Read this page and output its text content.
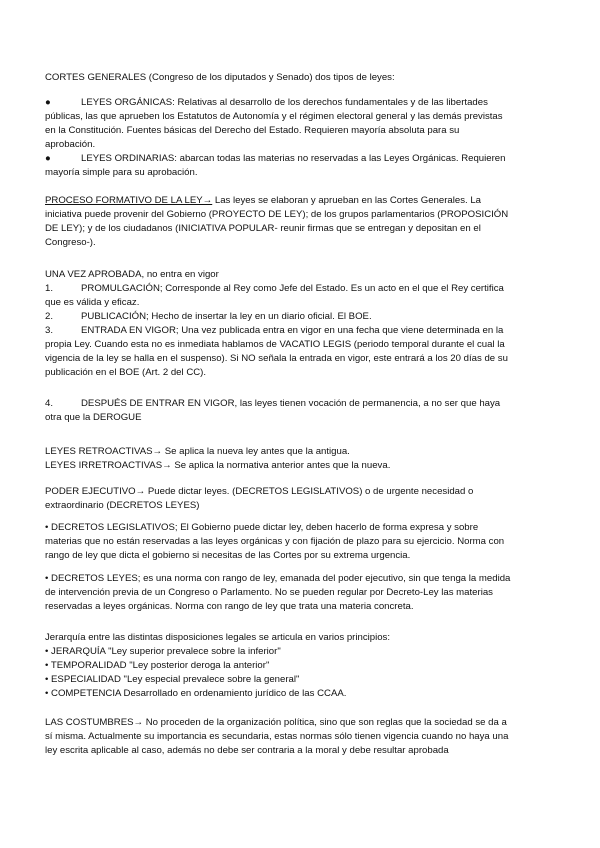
CORTES GENERALES (Congreso de los diputados y Senado) dos tipos de leyes:

●	LEYES ORGÁNICAS: Relativas al desarrollo de los derechos fundamentales y de las libertades
públicas, las que aprueben los Estatutos de Autonomía y el régimen electoral general y las demás previstas
en la Constitución. Fuentes básicas del Derecho del Estado. Requieren mayoría absoluta para su
aprobación.
●	LEYES ORDINARIAS: abarcan todas las materias no reservadas a las Leyes Orgánicas. Requieren
mayoría simple para su aprobación.
PROCESO FORMATIVO DE LA LEY→ Las leyes se elaboran y aprueban en las Cortes Generales. La
iniciativa puede provenir del Gobierno (PROYECTO DE LEY); de los grupos parlamentarios (PROPOSICIÓN
DE LEY); y de los ciudadanos (INICIATIVA POPULAR- reunir firmas que se entregan y depositan en el
Congreso-).
UNA VEZ APROBADA, no entra en vigor
1.	PROMULGACIÓN; Corresponde al Rey como Jefe del Estado. Es un acto en el que el Rey certifica
que es válida y eficaz.
2.	PUBLICACIÓN; Hecho de insertar la ley en un diario oficial. El BOE.
3.	ENTRADA EN VIGOR; Una vez publicada entra en vigor en una fecha que viene determinada en la
propia Ley. Cuando esta no es inmediata hablamos de VACATIO LEGIS (periodo temporal durante el cual la
vigencia de la ley se halla en el suspenso). Si NO señala la entrada en vigor, este entrará a los 20 días de su
publicación en el BOE (Art. 2 del CC).
4.	DESPUÉS DE ENTRAR EN VIGOR, las leyes tienen vocación de permanencia, a no ser que haya
otra que la DEROGUE
LEYES RETROACTIVAS→ Se aplica la nueva ley antes que la antigua.
LEYES IRRETROACTIVAS→ Se aplica la normativa anterior antes que la nueva.
PODER EJECUTIVO→ Puede dictar leyes. (DECRETOS LEGISLATIVOS) o de urgente necesidad o
extraordinario (DECRETOS LEYES)
• DECRETOS LEGISLATIVOS; El Gobierno puede dictar ley, deben hacerlo de forma expresa y sobre
materias que no están reservadas a las leyes orgánicas y con fijación de plazo para su ejercicio. Norma con
rango de ley que dicta el gobierno si necesitas de las Cortes por su extrema urgencia.
• DECRETOS LEYES; es una norma con rango de ley, emanada del poder ejecutivo, sin que tenga la medida
de intervención previa de un Congreso o Parlamento. No se pueden regular por Decreto-Ley las materias
reservadas a leyes orgánicas. Norma con rango de ley que trata una materia concreta.
Jerarquía entre las distintas disposiciones legales se articula en varios principios:
• JERARQUÍA "Ley superior prevalece sobre la inferior"
• TEMPORALIDAD "Ley posterior deroga la anterior"
• ESPECIALIDAD "Ley especial prevalece sobre la general"
• COMPETENCIA Desarrollado en ordenamiento jurídico de las CCAA.
LAS COSTUMBRES→ No proceden de la organización política, sino que son reglas que la sociedad se da a
sí misma. Actualmente su importancia es secundaria, estas normas sólo tienen vigencia cuando no haya una
ley escrita aplicable al caso, además no debe ser contraria a la moral y debe resultar aprobada
